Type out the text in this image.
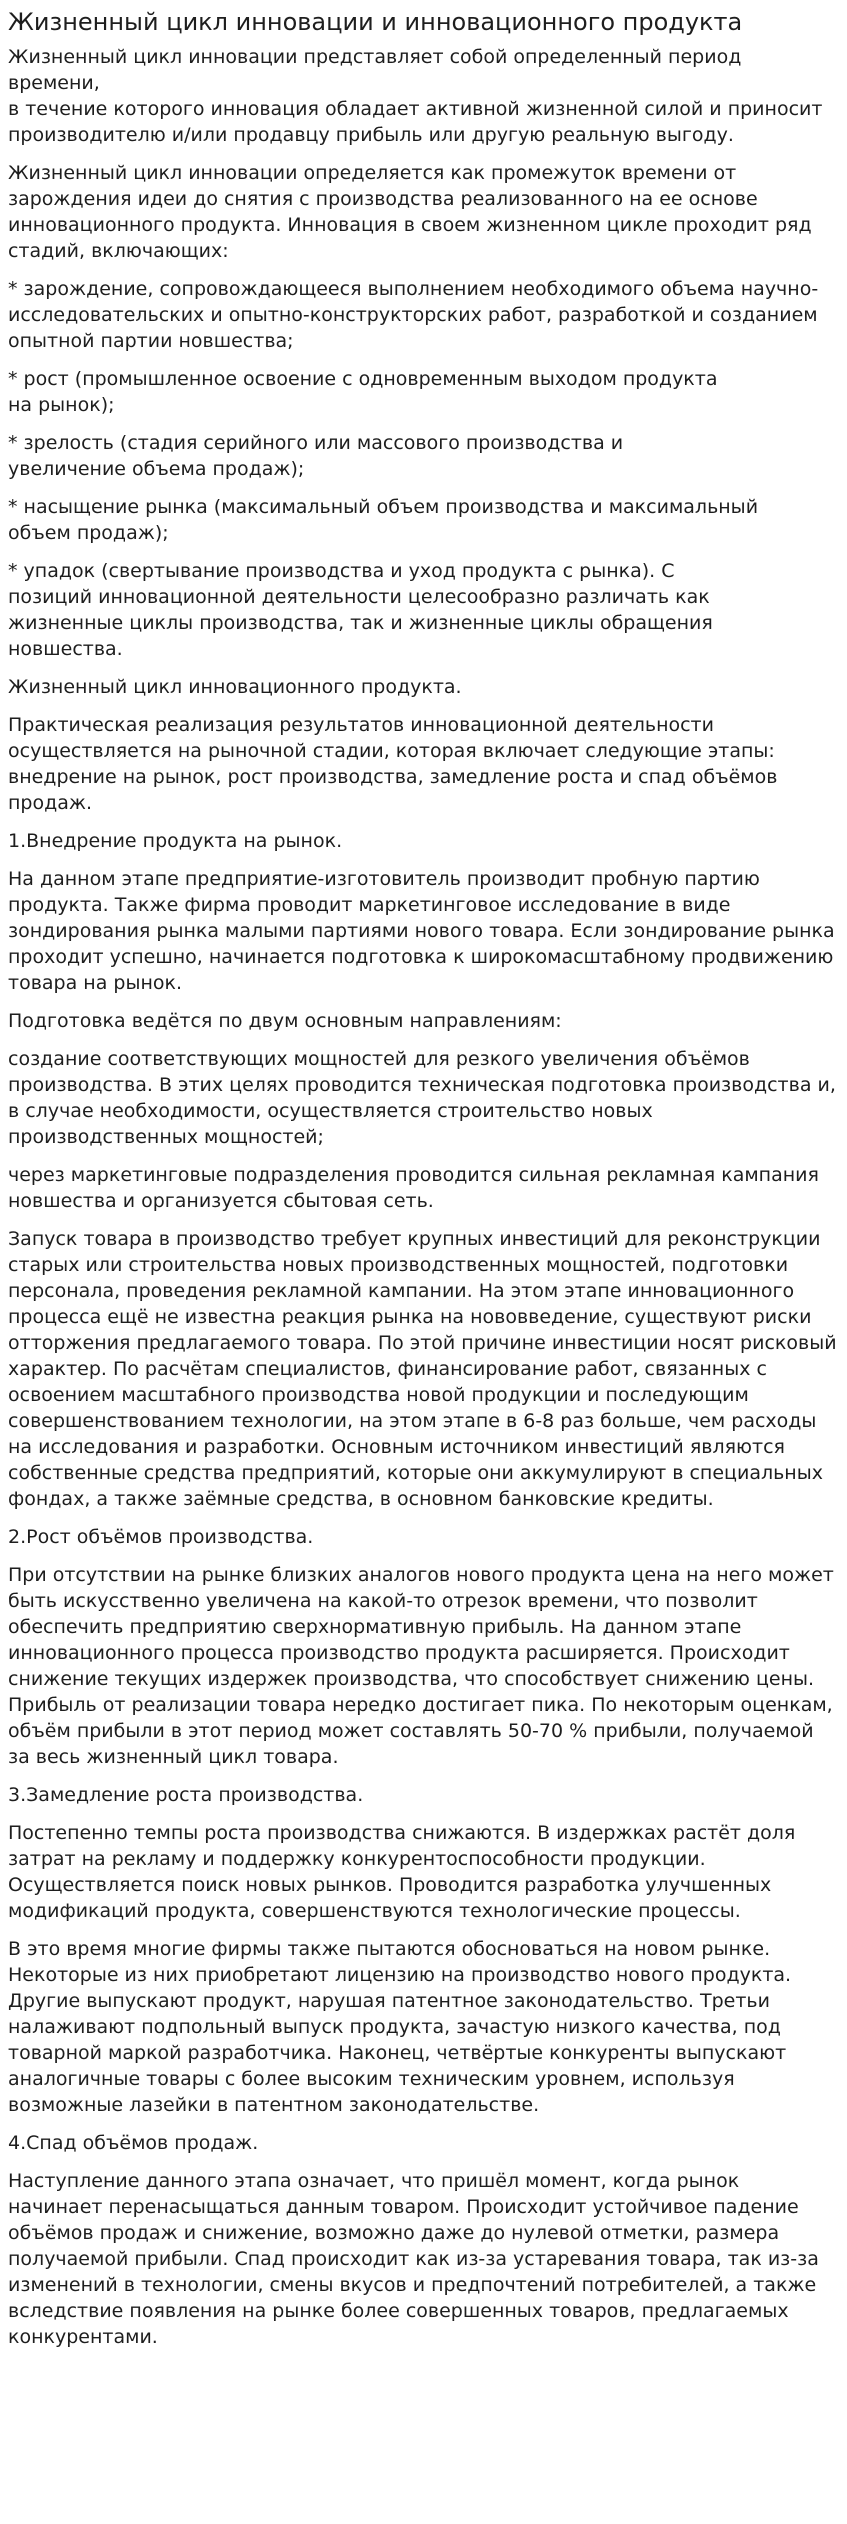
Жизненный цикл инновации и инновационного продукта

Жизненный цикл инновации представляет собой определенный период времени,
в течение которого инновация обладает активной жизненной силой и приносит
производителю и/или продавцу прибыль или другую реальную выгоду.

Жизненный цикл инновации определяется как промежуток времени от
зарождения идеи до снятия с производства реализованного на ее основе
инновационного продукта. Инновация в своем жизненном цикле проходит ряд
стадий, включающих:

* зарождение, сопровождающееся выполнением необходимого объема научно-
исследовательских и опытно-конструкторских работ, разработкой и созданием
опытной партии новшества;

* рост (промышленное освоение с одновременным выходом продукта
на рынок);

* зрелость (стадия серийного или массового производства и
увеличение объема продаж);

* насыщение рынка (максимальный объем производства и максимальный
объем продаж);

* упадок (свертывание производства и уход продукта с рынка). С
позиций инновационной деятельности целесообразно различать как
жизненные циклы производства, так и жизненные циклы обращения
новшества.

Жизненный цикл инновационного продукта.

Практическая реализация результатов инновационной деятельности
осуществляется на рыночной стадии, которая включает следующие этапы:
внедрение на рынок, рост производства, замедление роста и спад объёмов
продаж.

1.Внедрение продукта на рынок.

На данном этапе предприятие-изготовитель производит пробную партию
продукта. Также фирма проводит маркетинговое исследование в виде
зондирования рынка малыми партиями нового товара. Если зондирование рынка
проходит успешно, начинается подготовка к широкомасштабному продвижению
товара на рынок.

Подготовка ведётся по двум основным направлениям:

создание соответствующих мощностей для резкого увеличения объёмов
производства. В этих целях проводится техническая подготовка производства и,
в случае необходимости, осуществляется строительство новых
производственных мощностей;

через маркетинговые подразделения проводится сильная рекламная кампания
новшества и организуется сбытовая сеть.

Запуск товара в производство требует крупных инвестиций для реконструкции
старых или строительства новых производственных мощностей, подготовки
персонала, проведения рекламной кампании. На этом этапе инновационного
процесса ещё не известна реакция рынка на нововведение, существуют риски
отторжения предлагаемого товара. По этой причине инвестиции носят рисковый
характер. По расчётам специалистов, финансирование работ, связанных с
освоением масштабного производства новой продукции и последующим
совершенствованием технологии, на этом этапе в 6-8 раз больше, чем расходы
на исследования и разработки. Основным источником инвестиций являются
собственные средства предприятий, которые они аккумулируют в специальных
фондах, а также заёмные средства, в основном банковские кредиты.

2.Рост объёмов производства.

При отсутствии на рынке близких аналогов нового продукта цена на него может
быть искусственно увеличена на какой-то отрезок времени, что позволит
обеспечить предприятию сверхнормативную прибыль. На данном этапе
инновационного процесса производство продукта расширяется. Происходит
снижение текущих издержек производства, что способствует снижению цены.
Прибыль от реализации товара нередко достигает пика. По некоторым оценкам,
объём прибыли в этот период может составлять 50-70 % прибыли, получаемой
за весь жизненный цикл товара.

3.Замедление роста производства.

Постепенно темпы роста производства снижаются. В издержках растёт доля
затрат на рекламу и поддержку конкурентоспособности продукции.
Осуществляется поиск новых рынков. Проводится разработка улучшенных
модификаций продукта, совершенствуются технологические процессы.

В это время многие фирмы также пытаются обосноваться на новом рынке.
Некоторые из них приобретают лицензию на производство нового продукта.
Другие выпускают продукт, нарушая патентное законодательство. Третьи
налаживают подпольный выпуск продукта, зачастую низкого качества, под
товарной маркой разработчика. Наконец, четвёртые конкуренты выпускают
аналогичные товары с более высоким техническим уровнем, используя
возможные лазейки в патентном законодательстве.

4.Спад объёмов продаж.

Наступление данного этапа означает, что пришёл момент, когда рынок
начинает перенасыщаться данным товаром. Происходит устойчивое падение
объёмов продаж и снижение, возможно даже до нулевой отметки, размера
получаемой прибыли. Спад происходит как из-за устаревания товара, так из-за
изменений в технологии, смены вкусов и предпочтений потребителей, а также
вследствие появления на рынке более совершенных товаров, предлагаемых
конкурентами.
